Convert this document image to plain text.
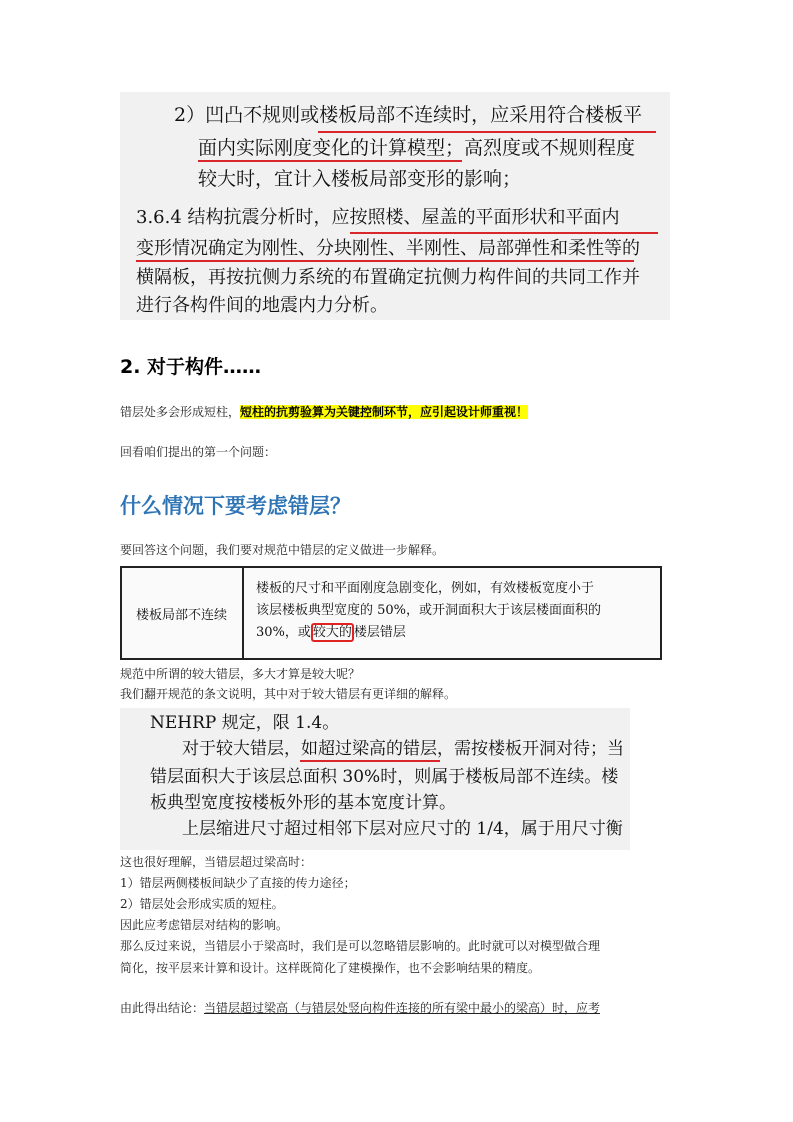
2）凹凸不规则或楼板局部不连续时，应采用符合楼板平
面内实际刚度变化的计算模型；高烈度或不规则程度
较大时，宜计入楼板局部变形的影响；
3.6.4 结构抗震分析时，应按照楼、屋盖的平面形状和平面内
变形情况确定为刚性、分块刚性、半刚性、局部弹性和柔性等的
横隔板，再按抗侧力系统的布置确定抗侧力构件间的共同工作并
进行各构件间的地震内力分析。
2. 对于构件……
错层处多会形成短柱，短柱的抗剪验算为关键控制环节，应引起设计师重视！
回看咱们提出的第一个问题：
什么情况下要考虑错层？
要回答这个问题，我们要对规范中错层的定义做进一步解释。
楼板局部不连续
楼板的尺寸和平面刚度急剧变化，例如，有效楼板宽度小于
该层楼板典型宽度的 50%，或开洞面积大于该层楼面面积的
30%，或 较大的 楼层错层
规范中所谓的较大错层，多大才算是较大呢？
我们翻开规范的条文说明，其中对于较大错层有更详细的解释。
NEHRP 规定，限 1.4。
对于较大错层，如超过梁高的错层，需按楼板开洞对待；当
错层面积大于该层总面积 30%时，则属于楼板局部不连续。楼
板典型宽度按楼板外形的基本宽度计算。
上层缩进尺寸超过相邻下层对应尺寸的 1/4，属于用尺寸衡
这也很好理解，当错层超过梁高时：
1）错层两侧楼板间缺少了直接的传力途径；
2）错层处会形成实质的短柱。
因此应考虑错层对结构的影响。
那么反过来说，当错层小于梁高时，我们是可以忽略错层影响的。此时就可以对模型做合理
简化，按平层来计算和设计。这样既简化了建模操作，也不会影响结果的精度。
由此得出结论：当错层超过梁高（与错层处竖向构件连接的所有梁中最小的梁高）时，应考
